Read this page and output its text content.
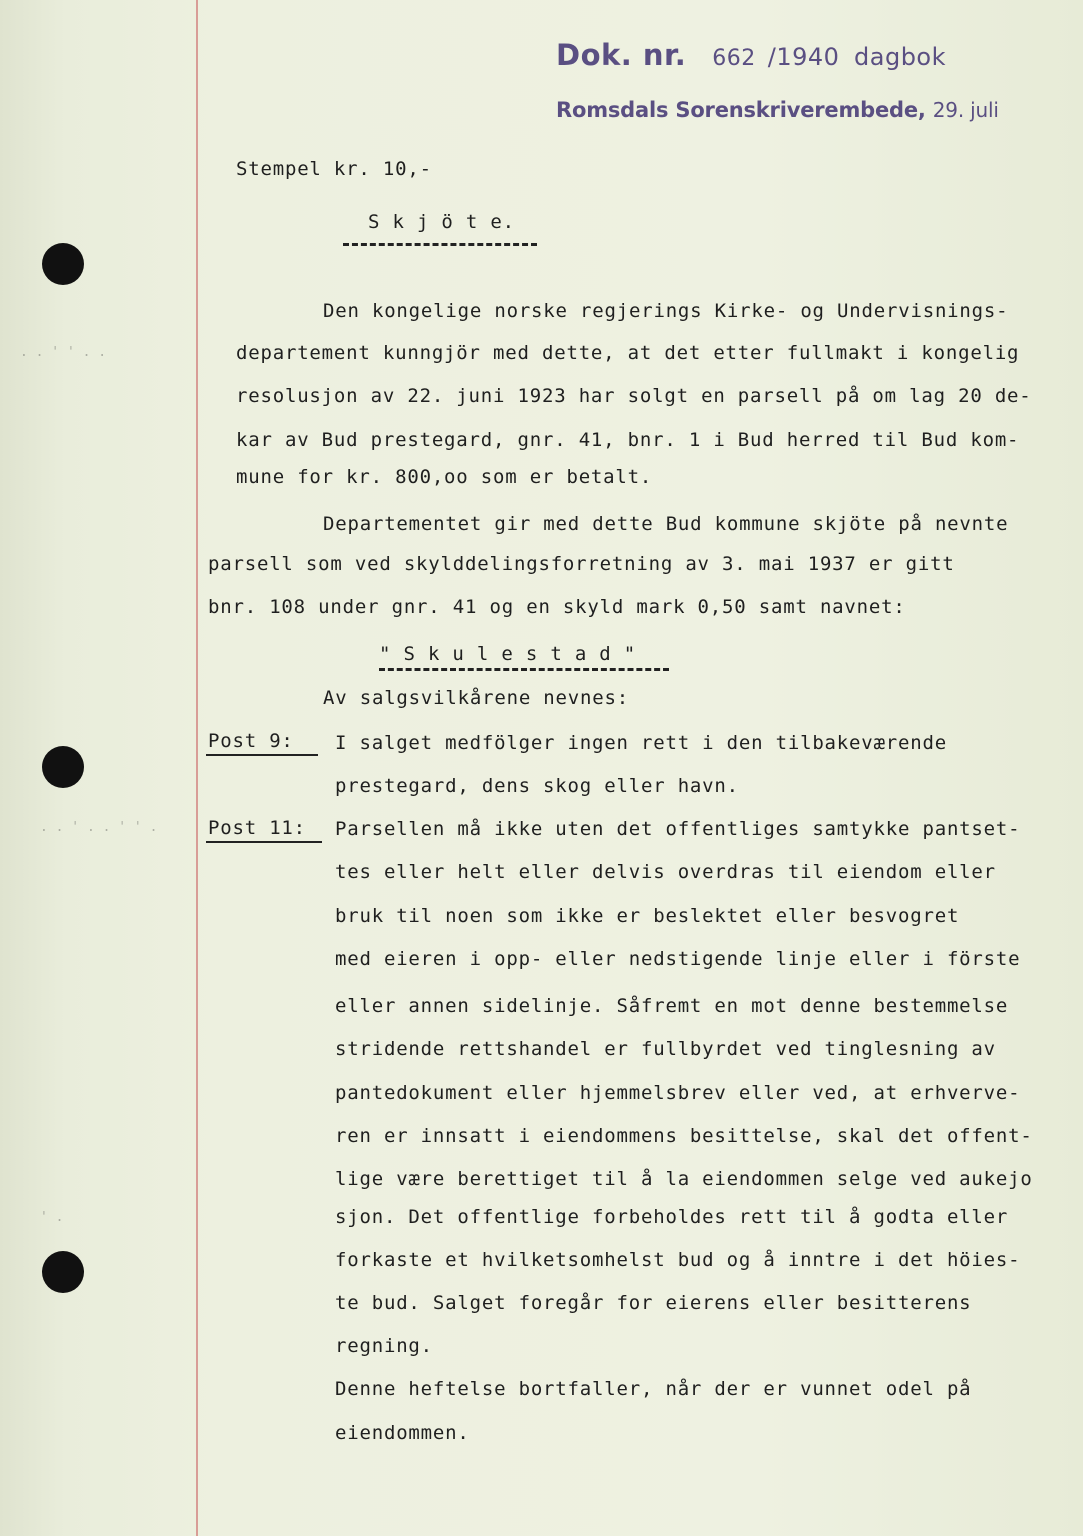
. . ' ' . .
. . ' . . ' ' .
' .
Dok. nr. 662 /1940 dagbok
Romsdals Sorenskriverembede, 29. juli
Stempel kr. 10,-
S k j ö t e.
Den kongelige norske regjerings Kirke- og Undervisnings-
departement kunngjör med dette, at det etter fullmakt i kongelig
resolusjon av 22. juni 1923 har solgt en parsell på om lag 20 de-
kar av Bud prestegard, gnr. 41, bnr. 1 i Bud herred til Bud kom-
mune for kr. 800,oo som er betalt.
Departementet gir med dette Bud kommune skjöte på nevnte
parsell som ved skylddelingsforretning av 3. mai 1937 er gitt
bnr. 108 under gnr. 41 og en skyld mark 0,50 samt navnet:
" S k u l e s t a d "
Av salgsvilkårene nevnes:
Post 9: I salget medfölger ingen rett i den tilbakeværende
prestegard, dens skog eller havn.
Post 11: Parsellen må ikke uten det offentliges samtykke pantset-
tes eller helt eller delvis overdras til eiendom eller
bruk til noen som ikke er beslektet eller besvogret
med eieren i opp- eller nedstigende linje eller i förste
eller annen sidelinje. Såfremt en mot denne bestemmelse
stridende rettshandel er fullbyrdet ved tinglesning av
pantedokument eller hjemmelsbrev eller ved, at erhverve-
ren er innsatt i eiendommens besittelse, skal det offent-
lige være berettiget til å la eiendommen selge ved aukejo
sjon. Det offentlige forbeholdes rett til å godta eller
forkaste et hvilketsomhelst bud og å inntre i det höies-
te bud. Salget foregår for eierens eller besitterens
regning.
Denne heftelse bortfaller, når der er vunnet odel på
eiendommen.
